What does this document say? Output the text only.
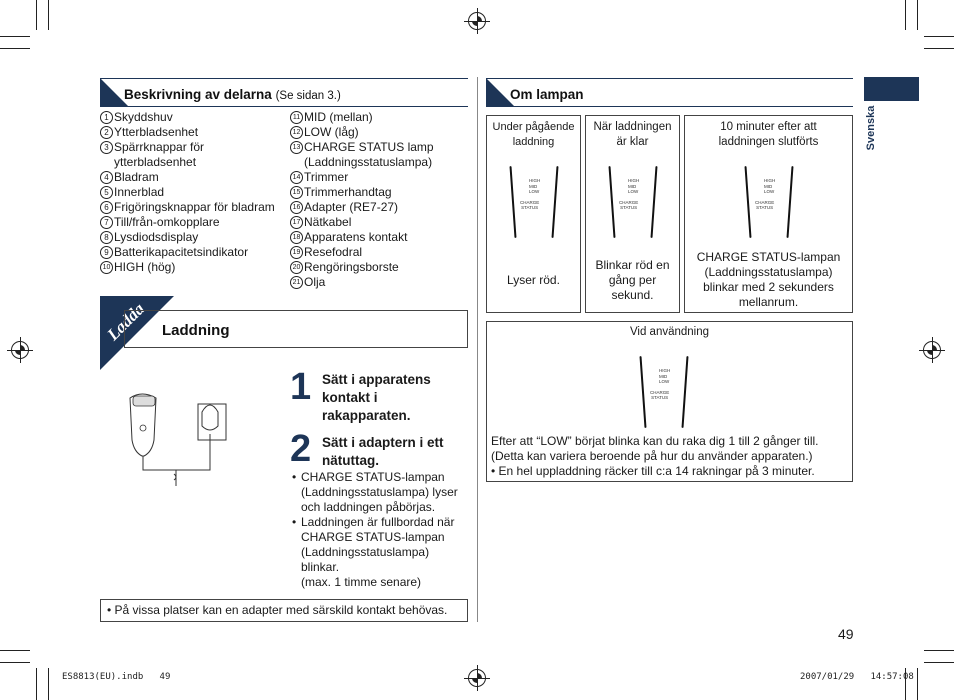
Beskrivning av delarna (Se sidan 3.)
1 Skyddshuv
2 Ytterbladsenhet
3 Spärrknappar för ytterbladsenhet
4 Bladram
5 Innerblad
6 Frigöringsknappar för bladram
7 Till/från-omkopplare
8 Lysdiodsdisplay
9 Batterikapacitetsindikator
10 HIGH (hög)
11 MID (mellan)
12 LOW (låg)
13 CHARGE STATUS lamp (Laddningsstatuslampa)
14 Trimmer
15 Trimmerhandtag
16 Adapter (RE7-27)
17 Nätkabel
18 Apparatens kontakt
19 Resefodral
20 Rengöringsborste
21 Olja
Ladda Laddning
1 Sätt i apparatens kontakt i rakapparaten.
2 Sätt i adaptern i ett nätuttag.
• CHARGE STATUS-lampan (Laddningsstatuslampa) lyser och laddningen påbörjas.
• Laddningen är fullbordad när CHARGE STATUS-lampan (Laddningsstatuslampa) blinkar.
(max. 1 timme senare)
• På vissa platser kan en adapter med särskild kontakt behövas.
Om lampan
Under pågående laddning
HIGH
MID
LOW
CHARGE
STATUS
Lyser röd.
När laddningen är klar
HIGH
MID
LOW
CHARGE
STATUS
Blinkar röd en gång per sekund.
10 minuter efter att laddningen slutförts
HIGH
MID
LOW
CHARGE
STATUS
CHARGE STATUS-lampan (Laddningsstatuslampa) blinkar med 2 sekunders mellanrum.
Vid användning
HIGH
MID
LOW
CHARGE
STATUS
Efter att “LOW” börjat blinka kan du raka dig 1 till 2 gånger till.
(Detta kan variera beroende på hur du använder apparaten.)
• En hel uppladdning räcker till c:a 14 rakningar på 3 minuter.
Svenska
49
ES8813(EU).indb   49	2007/01/29   14:57:08
